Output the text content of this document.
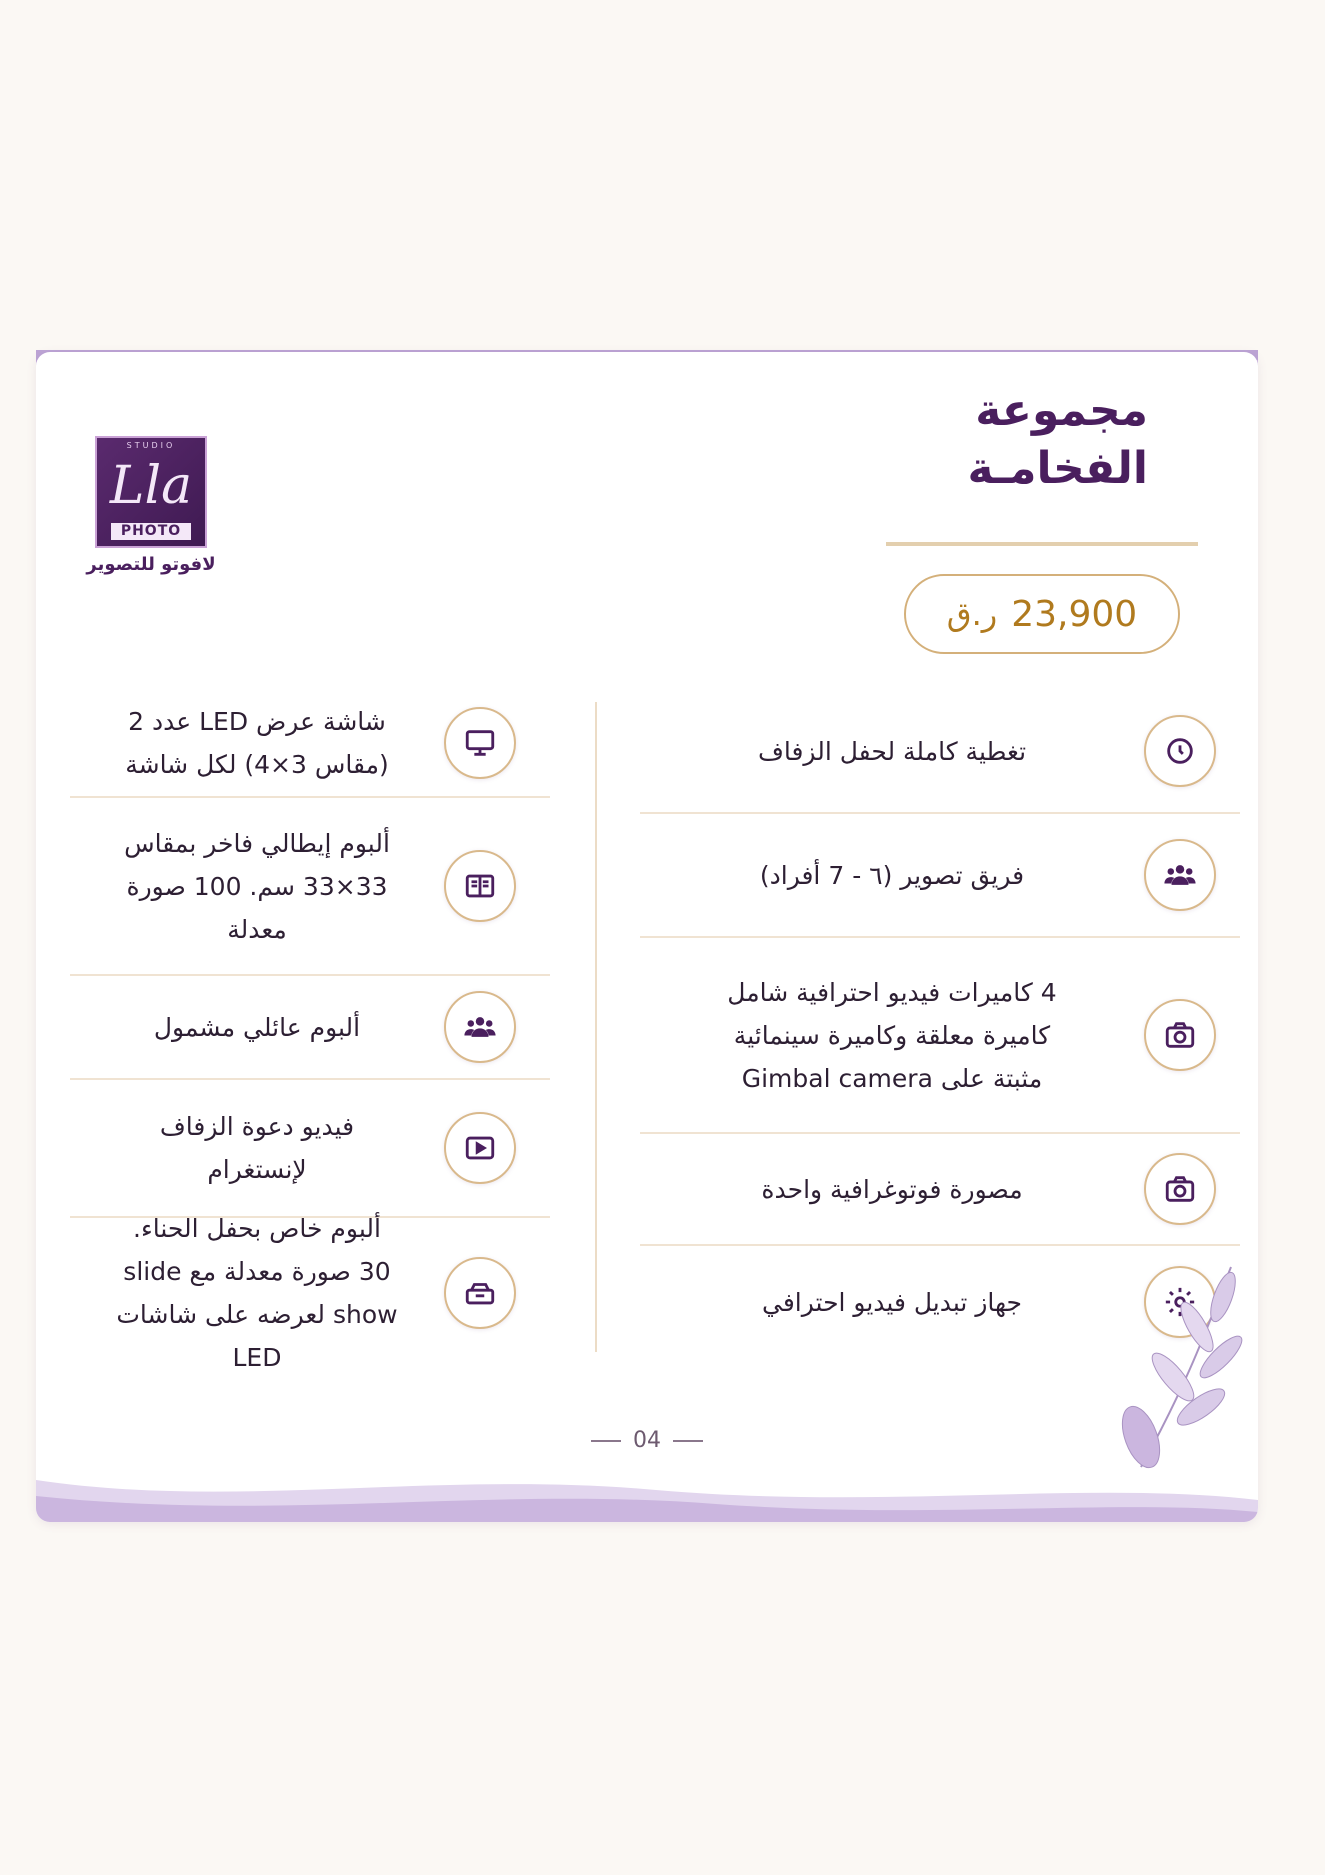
STUDIO
Lla
PHOTO
لافوتو للتصوير
مجموعة
الفخامـة
23,900
ر.ق
تغطية كاملة لحفل الزفاف
فريق تصوير (٦ - 7 أفراد)
4 كاميرات فيديو احترافية شامل
كاميرة معلقة وكاميرة سينمائية
مثبتة على Gimbal camera
مصورة فوتوغرافية واحدة
جهاز تبديل فيديو احترافي
شاشة عرض LED عدد 2
(مقاس 3×4) لكل شاشة
ألبوم إيطالي فاخر بمقاس
33×33 سم. 100 صورة
معدلة
ألبوم عائلي مشمول
فيديو دعوة الزفاف
لإنستغرام
ألبوم خاص بحفل الحناء.
30 صورة معدلة مع slide
show لعرضه على شاشات LED
04
